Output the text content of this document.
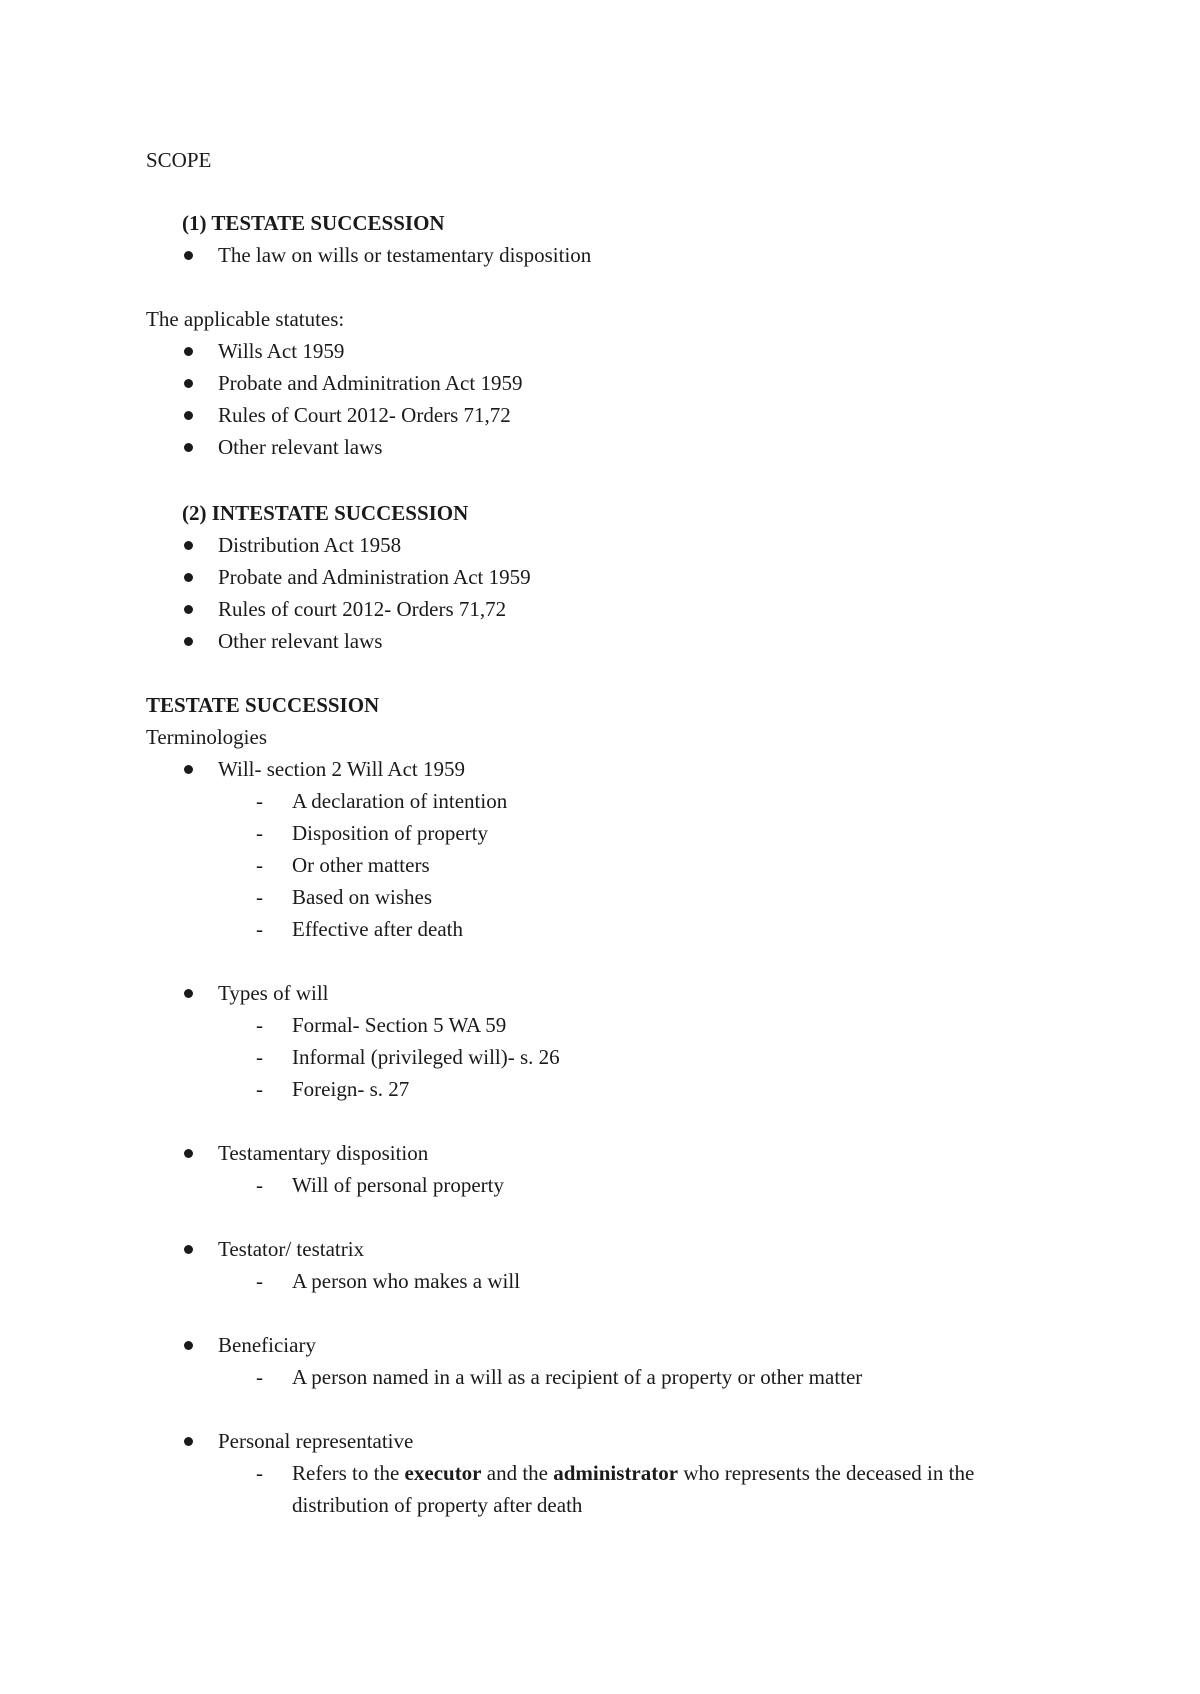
SCOPE
(1) TESTATE SUCCESSION
The law on wills or testamentary disposition
The applicable statutes:
Wills Act 1959
Probate and Adminitration Act 1959
Rules of Court 2012- Orders 71,72
Other relevant laws
(2) INTESTATE SUCCESSION
Distribution Act 1958
Probate and Administration Act 1959
Rules of court 2012- Orders 71,72
Other relevant laws
TESTATE SUCCESSION
Terminologies
Will- section 2 Will Act 1959
- A declaration of intention
- Disposition of property
- Or other matters
- Based on wishes
- Effective after death
Types of will
- Formal- Section 5 WA 59
- Informal (privileged will)- s. 26
- Foreign- s. 27
Testamentary disposition
- Will of personal property
Testator/ testatrix
- A person who makes a will
Beneficiary
- A person named in a will as a recipient of a property or other matter
Personal representative
- Refers to the executor and the administrator who represents the deceased in the distribution of property after death
